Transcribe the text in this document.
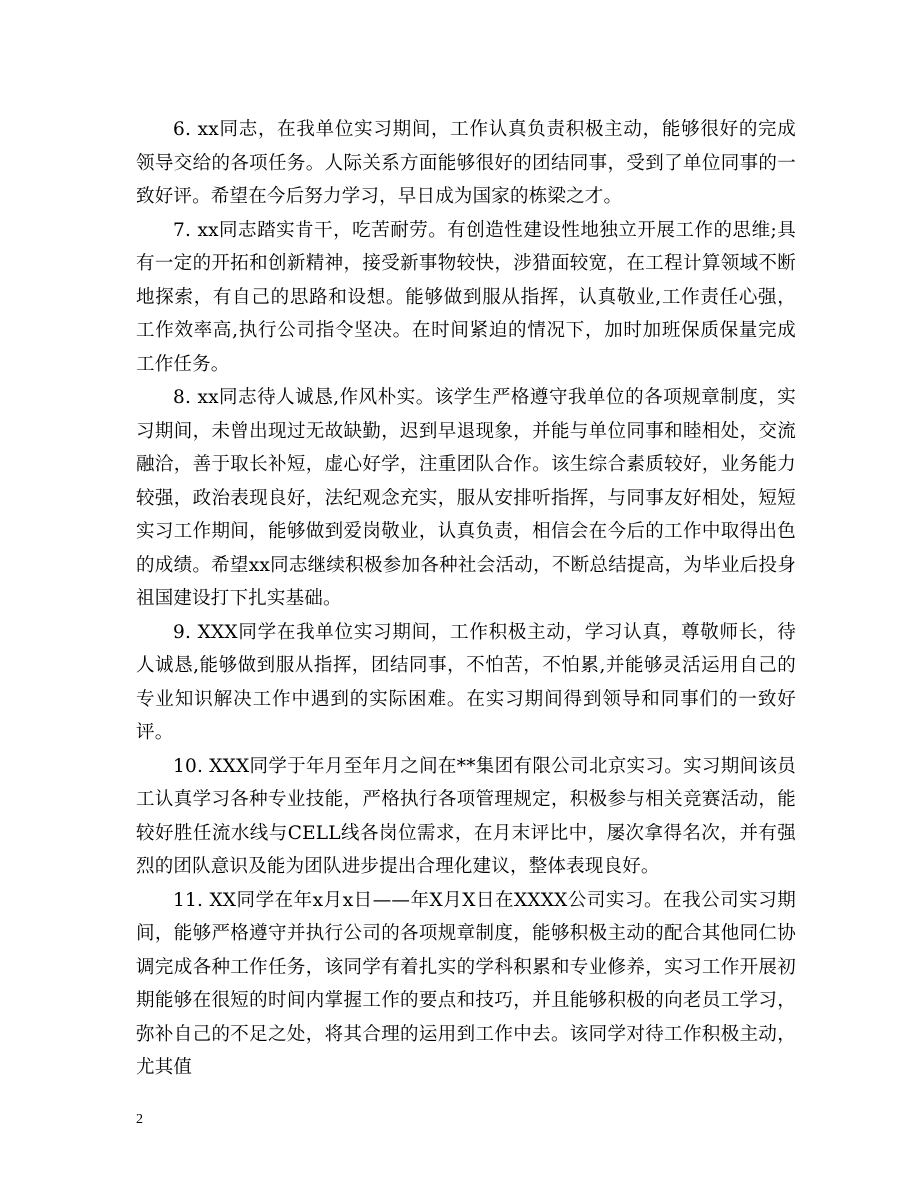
6. xx同志，在我单位实习期间，工作认真负责积极主动，能够很好的完成领导交给的各项任务。人际关系方面能够很好的团结同事，受到了单位同事的一致好评。希望在今后努力学习，早日成为国家的栋梁之才。

7. xx同志踏实肯干，吃苦耐劳。有创造性建设性地独立开展工作的思维;具有一定的开拓和创新精神，接受新事物较快，涉猎面较宽，在工程计算领域不断地探索，有自己的思路和设想。能够做到服从指挥，认真敬业,工作责任心强，工作效率高,执行公司指令坚决。在时间紧迫的情况下，加时加班保质保量完成工作任务。

8. xx同志待人诚恳,作风朴实。该学生严格遵守我单位的各项规章制度，实习期间，未曾出现过无故缺勤，迟到早退现象，并能与单位同事和睦相处，交流融洽，善于取长补短，虚心好学，注重团队合作。该生综合素质较好，业务能力较强，政治表现良好，法纪观念充实，服从安排听指挥，与同事友好相处，短短实习工作期间，能够做到爱岗敬业，认真负责，相信会在今后的工作中取得出色的成绩。希望xx同志继续积极参加各种社会活动，不断总结提高，为毕业后投身祖国建设打下扎实基础。

9. XXX同学在我单位实习期间，工作积极主动，学习认真，尊敬师长，待人诚恳,能够做到服从指挥，团结同事，不怕苦，不怕累,并能够灵活运用自己的专业知识解决工作中遇到的实际困难。在实习期间得到领导和同事们的一致好评。

10. XXX同学于年月至年月之间在**集团有限公司北京实习。实习期间该员工认真学习各种专业技能，严格执行各项管理规定，积极参与相关竞赛活动，能较好胜任流水线与CELL线各岗位需求，在月末评比中，屡次拿得名次，并有强烈的团队意识及能为团队进步提出合理化建议，整体表现良好。

11. XX同学在年x月x日——年X月X日在XXXX公司实习。在我公司实习期间，能够严格遵守并执行公司的各项规章制度，能够积极主动的配合其他同仁协调完成各种工作任务，该同学有着扎实的学科积累和专业修养，实习工作开展初期能够在很短的时间内掌握工作的要点和技巧，并且能够积极的向老员工学习，弥补自己的不足之处，将其合理的运用到工作中去。该同学对待工作积极主动，尤其值

2
